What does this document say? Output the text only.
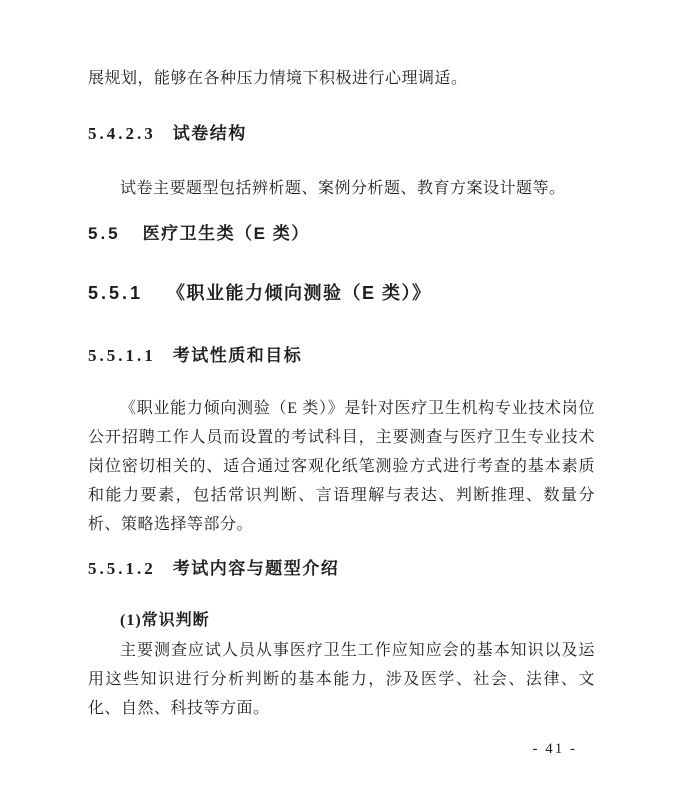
展规划，能够在各种压力情境下积极进行心理调适。

5.4.2.3 试卷结构

试卷主要题型包括辨析题、案例分析题、教育方案设计题等。

5.5 医疗卫生类（E 类）
5.5.1 《职业能力倾向测验（E 类）》
5.5.1.1 考试性质和目标

《职业能力倾向测验（E 类）》是针对医疗卫生机构专业技术岗位公开招聘工作人员而设置的考试科目，主要测查与医疗卫生专业技术岗位密切相关的、适合通过客观化纸笔测验方式进行考查的基本素质和能力要素，包括常识判断、言语理解与表达、判断推理、数量分析、策略选择等部分。

5.5.1.2 考试内容与题型介绍
(1)常识判断

主要测查应试人员从事医疗卫生工作应知应会的基本知识以及运用这些知识进行分析判断的基本能力，涉及医学、社会、法律、文化、自然、科技等方面。

- 41 -
